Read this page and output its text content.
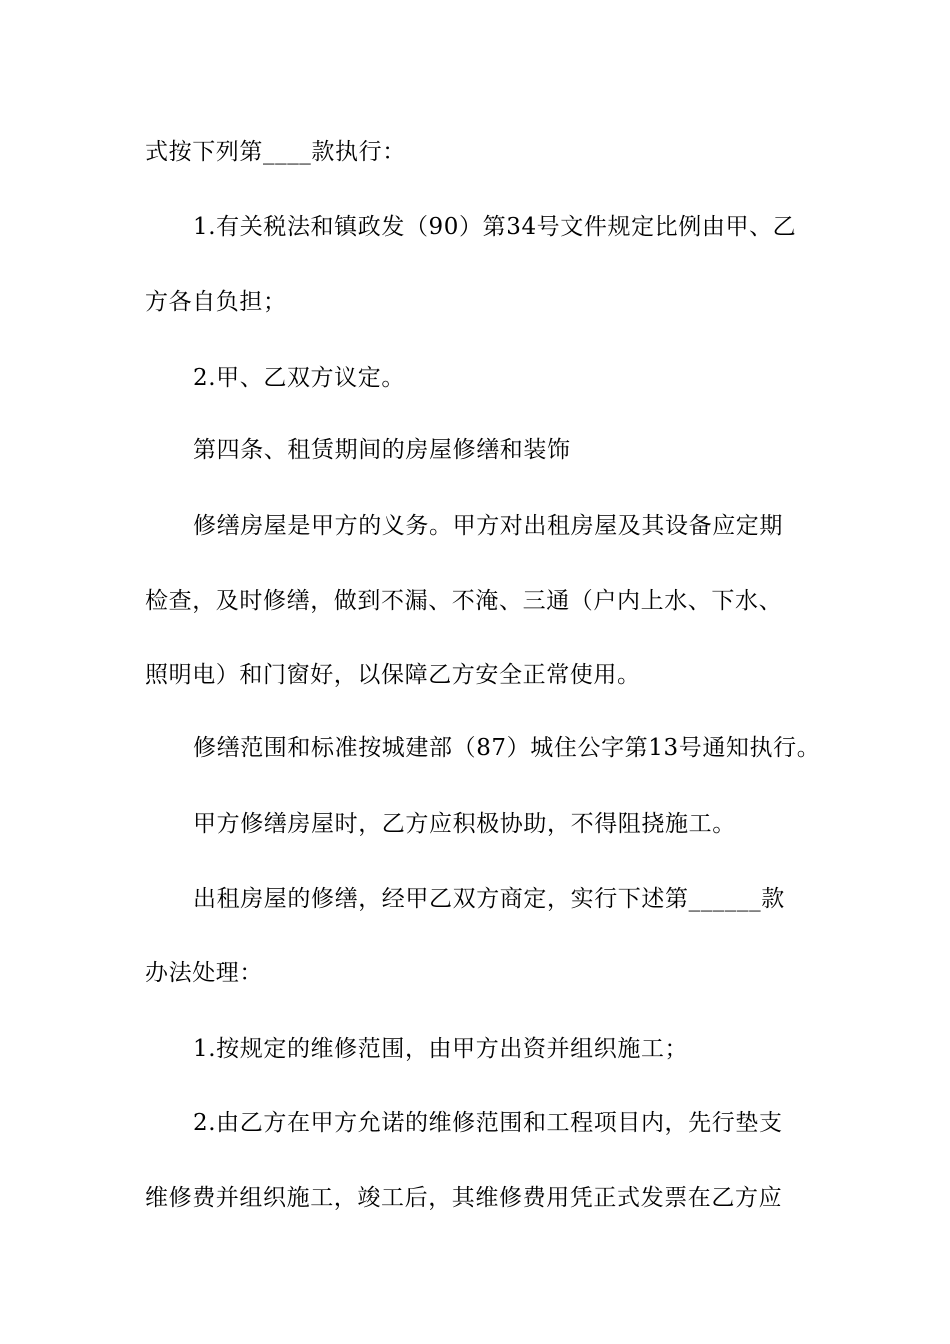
式按下列第____款执行：
1.有关税法和镇政发（90）第34号文件规定比例由甲、乙
方各自负担；
2.甲、乙双方议定。
第四条、租赁期间的房屋修缮和装饰
修缮房屋是甲方的义务。甲方对出租房屋及其设备应定期
检查，及时修缮，做到不漏、不淹、三通（户内上水、下水、
照明电）和门窗好，以保障乙方安全正常使用。
修缮范围和标准按城建部（87）城住公字第13号通知执行。
甲方修缮房屋时，乙方应积极协助，不得阻挠施工。
出租房屋的修缮，经甲乙双方商定，实行下述第______款
办法处理：
1.按规定的维修范围，由甲方出资并组织施工；
2.由乙方在甲方允诺的维修范围和工程项目内，先行垫支
维修费并组织施工，竣工后，其维修费用凭正式发票在乙方应
